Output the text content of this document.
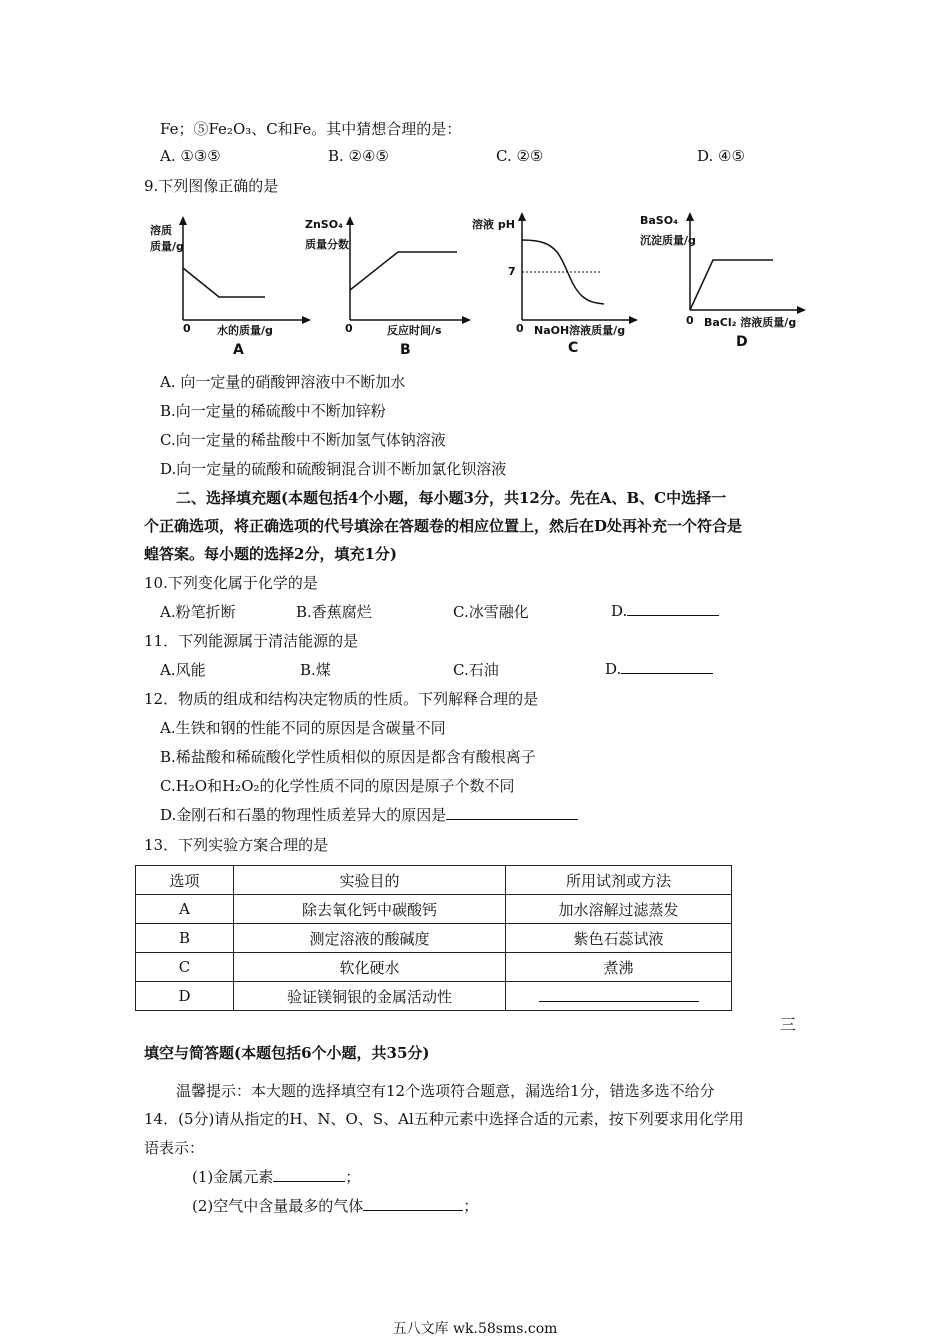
Fe；⑤Fe₂O₃、C和Fe。其中猜想合理的是：
A. ①③⑤	B. ②④⑤	C. ②⑤	D. ④⑤
9.下列图像正确的是
溶质
质量/g
0 水的质量/g
A
ZnSO₄
质量分数
0	反应时间/s
B
溶液 pH
7
0 NaOH溶液质量/g
C
BaSO₄
沉淀质量/g
0 BaCl₂ 溶液质量/g
D
A. 向一定量的硝酸钾溶液中不断加水
B.向一定量的稀硫酸中不断加锌粉
C.向一定量的稀盐酸中不断加氢气体钠溶液
D.向一定量的硫酸和硫酸铜混合训不断加氯化钡溶液
二、选择填充题(本题包括4个小题，每小题3分，共12分。先在A、B、C中选择一
个正确选项，将正确选项的代号填涂在答题卷的相应位置上，然后在D处再补充一个符合是
蝗答案。每小题的选择2分，填充1分)
10.下列变化属于化学的是
A.粉笔折断	B.香蕉腐烂	C.冰雪融化	D.
11．下列能源属于清洁能源的是
A.风能	B.煤	C.石油	D.
12．物质的组成和结构决定物质的性质。下列解释合理的是
A.生铁和钢的性能不同的原因是含碳量不同
B.稀盐酸和稀硫酸化学性质相似的原因是都含有酸根离子
C.H₂O和H₂O₂的化学性质不同的原因是原子个数不同
D.金刚石和石墨的物理性质差异大的原因是
13．下列实验方案合理的是
选项	实验目的	所用试剂或方法
A	除去氧化钙中碳酸钙	加水溶解过滤蒸发
B	测定溶液的酸碱度	紫色石蕊试液
C	软化硬水	煮沸
D	验证镁铜银的金属活动性	
三
填空与简答题(本题包括6个小题，共35分)
温馨提示：本大题的选择填空有12个选项符合题意，漏选给1分，错选多选不给分
14．(5分)请从指定的H、N、O、S、Al五种元素中选择合适的元素，按下列要求用化学用
语表示：
(1)金属元素	；
(2)空气中含量最多的气体	；
五八文库 wk.58sms.com
